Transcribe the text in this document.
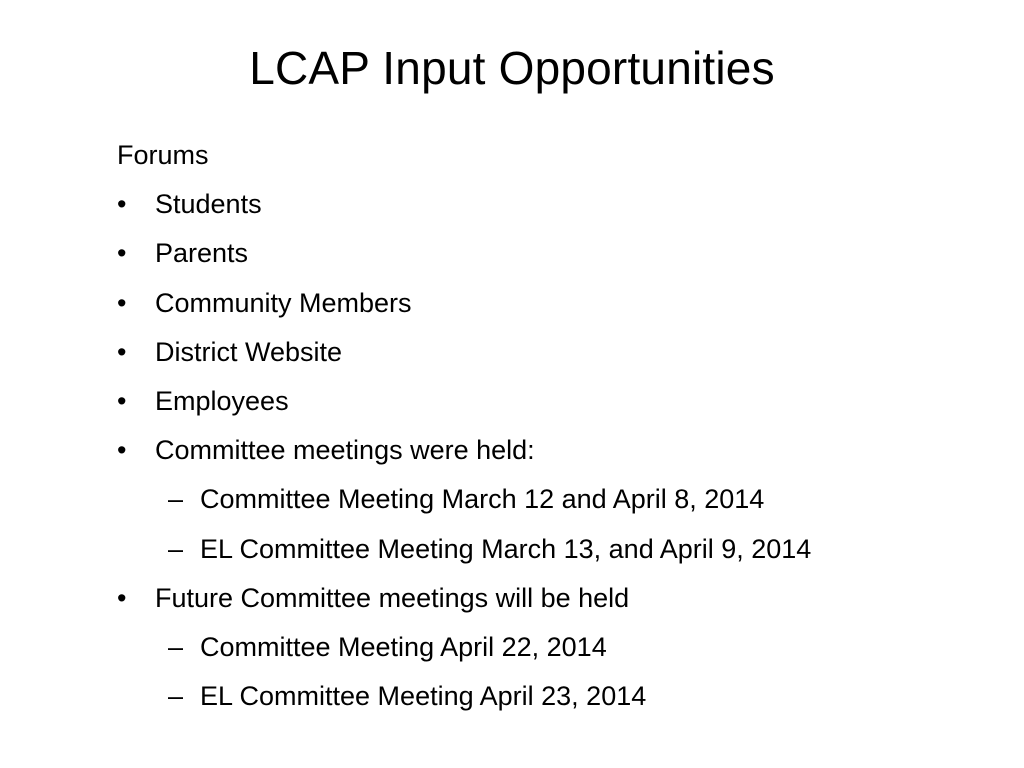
LCAP Input Opportunities
Forums
•	Students
•	Parents
•	Community Members
•	District Website
•	Employees
•	Committee meetings were held:
– Committee Meeting March 12 and April 8, 2014
– EL Committee Meeting March 13, and April 9, 2014
•	Future Committee meetings will be held
– Committee Meeting April 22, 2014
– EL Committee Meeting April 23, 2014
